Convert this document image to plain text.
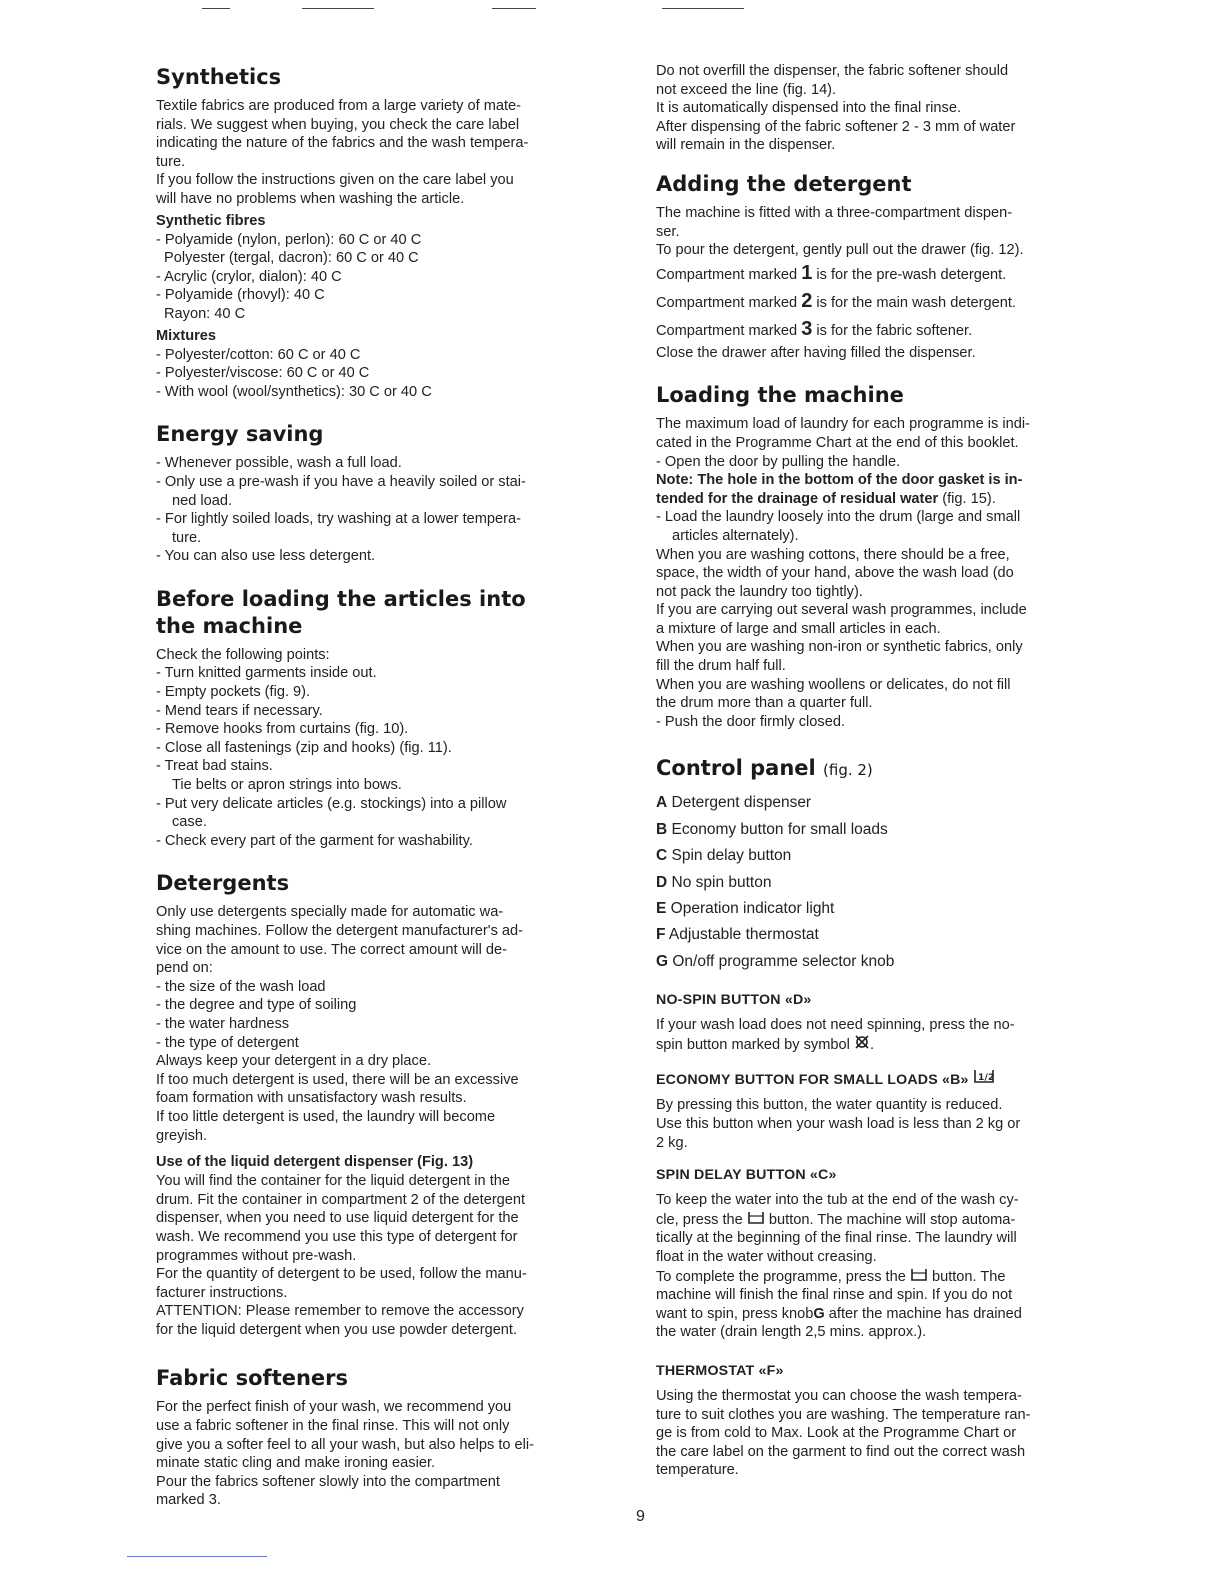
Synthetics

Textile fabrics are produced from a large variety of mate-

rials. We suggest when buying, you check the care label

indicating the nature of the fabrics and the wash tempera-

ture.

If you follow the instructions given on the care label you

will have no problems when washing the article.

Synthetic fibres

- Polyamide (nylon, perlon): 60 C or 40 C

Polyester (tergal, dacron): 60 C or 40 C

- Acrylic (crylor, dialon): 40 C

- Polyamide (rhovyl): 40 C

Rayon: 40 C

Mixtures

- Polyester/cotton: 60 C or 40 C

- Polyester/viscose: 60 C or 40 C

- With wool (wool/synthetics): 30 C or 40 C

Energy saving

- Whenever possible, wash a full load.

- Only use a pre-wash if you have a heavily soiled or stai-

ned load.

- For lightly soiled loads, try washing at a lower tempera-

ture.

- You can also use less detergent.

Before loading the articles into
the machine

Check the following points:

- Turn knitted garments inside out.

- Empty pockets (fig. 9).

- Mend tears if necessary.

- Remove hooks from curtains (fig. 10).

- Close all fastenings (zip and hooks) (fig. 11).

- Treat bad stains.

Tie belts or apron strings into bows.

- Put very delicate articles (e.g. stockings) into a pillow

case.

- Check every part of the garment for washability.

Detergents

Only use detergents specially made for automatic wa-

shing machines. Follow the detergent manufacturer's ad-

vice on the amount to use. The correct amount will de-

pend on:

- the size of the wash load

- the degree and type of soiling

- the water hardness

- the type of detergent

Always keep your detergent in a dry place.

If too much detergent is used, there will be an excessive

foam formation with unsatisfactory wash results.

If too little detergent is used, the laundry will become

greyish.

Use of the liquid detergent dispenser (Fig. 13)

You will find the container for the liquid detergent in the

drum. Fit the container in compartment 2 of the detergent

dispenser, when you need to use liquid detergent for the

wash. We recommend you use this type of detergent for

programmes without pre-wash.

For the quantity of detergent to be used, follow the manu-

facturer instructions.

ATTENTION: Please remember to remove the accessory

for the liquid detergent when you use powder detergent.

Fabric softeners

For the perfect finish of your wash, we recommend you

use a fabric softener in the final rinse. This will not only

give you a softer feel to all your wash, but also helps to eli-

minate static cling and make ironing easier.

Pour the fabrics softener slowly into the compartment

marked 3.

Do not overfill the dispenser, the fabric softener should

not exceed the line (fig. 14).

It is automatically dispensed into the final rinse.

After dispensing of the fabric softener 2 - 3 mm of water

will remain in the dispenser.

Adding the detergent

The machine is fitted with a three-compartment dispen-

ser.

To pour the detergent, gently pull out the drawer (fig. 12).

Compartment marked 1 is for the pre-wash detergent.

Compartment marked 2 is for the main wash detergent.

Compartment marked 3 is for the fabric softener.

Close the drawer after having filled the dispenser.

Loading the machine

The maximum load of laundry for each programme is indi-

cated in the Programme Chart at the end of this booklet.

- Open the door by pulling the handle.

Note: The hole in the bottom of the door gasket is in-

tended for the drainage of residual water (fig. 15).

- Load the laundry loosely into the drum (large and small

articles alternately).

When you are washing cottons, there should be a free,

space, the width of your hand, above the wash load (do

not pack the laundry too tightly).

If you are carrying out several wash programmes, include

a mixture of large and small articles in each.

When you are washing non-iron or synthetic fabrics, only

fill the drum half full.

When you are washing woollens or delicates, do not fill

the drum more than a quarter full.

- Push the door firmly closed.

Control panel (fig. 2)

A Detergent dispenser

B Economy button for small loads

C Spin delay button

D No spin button

E Operation indicator light

F Adjustable thermostat

G On/off programme selector knob

NO-SPIN BUTTON «D»

If your wash load does not need spinning, press the no-

spin button marked by symbol .

ECONOMY BUTTON FOR SMALL LOADS «B» 1/2

By pressing this button, the water quantity is reduced.

Use this button when your wash load is less than 2 kg or

2 kg.

SPIN DELAY BUTTON «C»

To keep the water into the tub at the end of the wash cy-

cle, press the button. The machine will stop automa-

tically at the beginning of the final rinse. The laundry will

float in the water without creasing.

To complete the programme, press the button. The

machine will finish the final rinse and spin. If you do not

want to spin, press knobG after the machine has drained

the water (drain length 2,5 mins. approx.).

THERMOSTAT «F»

Using the thermostat you can choose the wash tempera-

ture to suit clothes you are washing. The temperature ran-

ge is from cold to Max. Look at the Programme Chart or

the care label on the garment to find out the correct wash

temperature.

9
